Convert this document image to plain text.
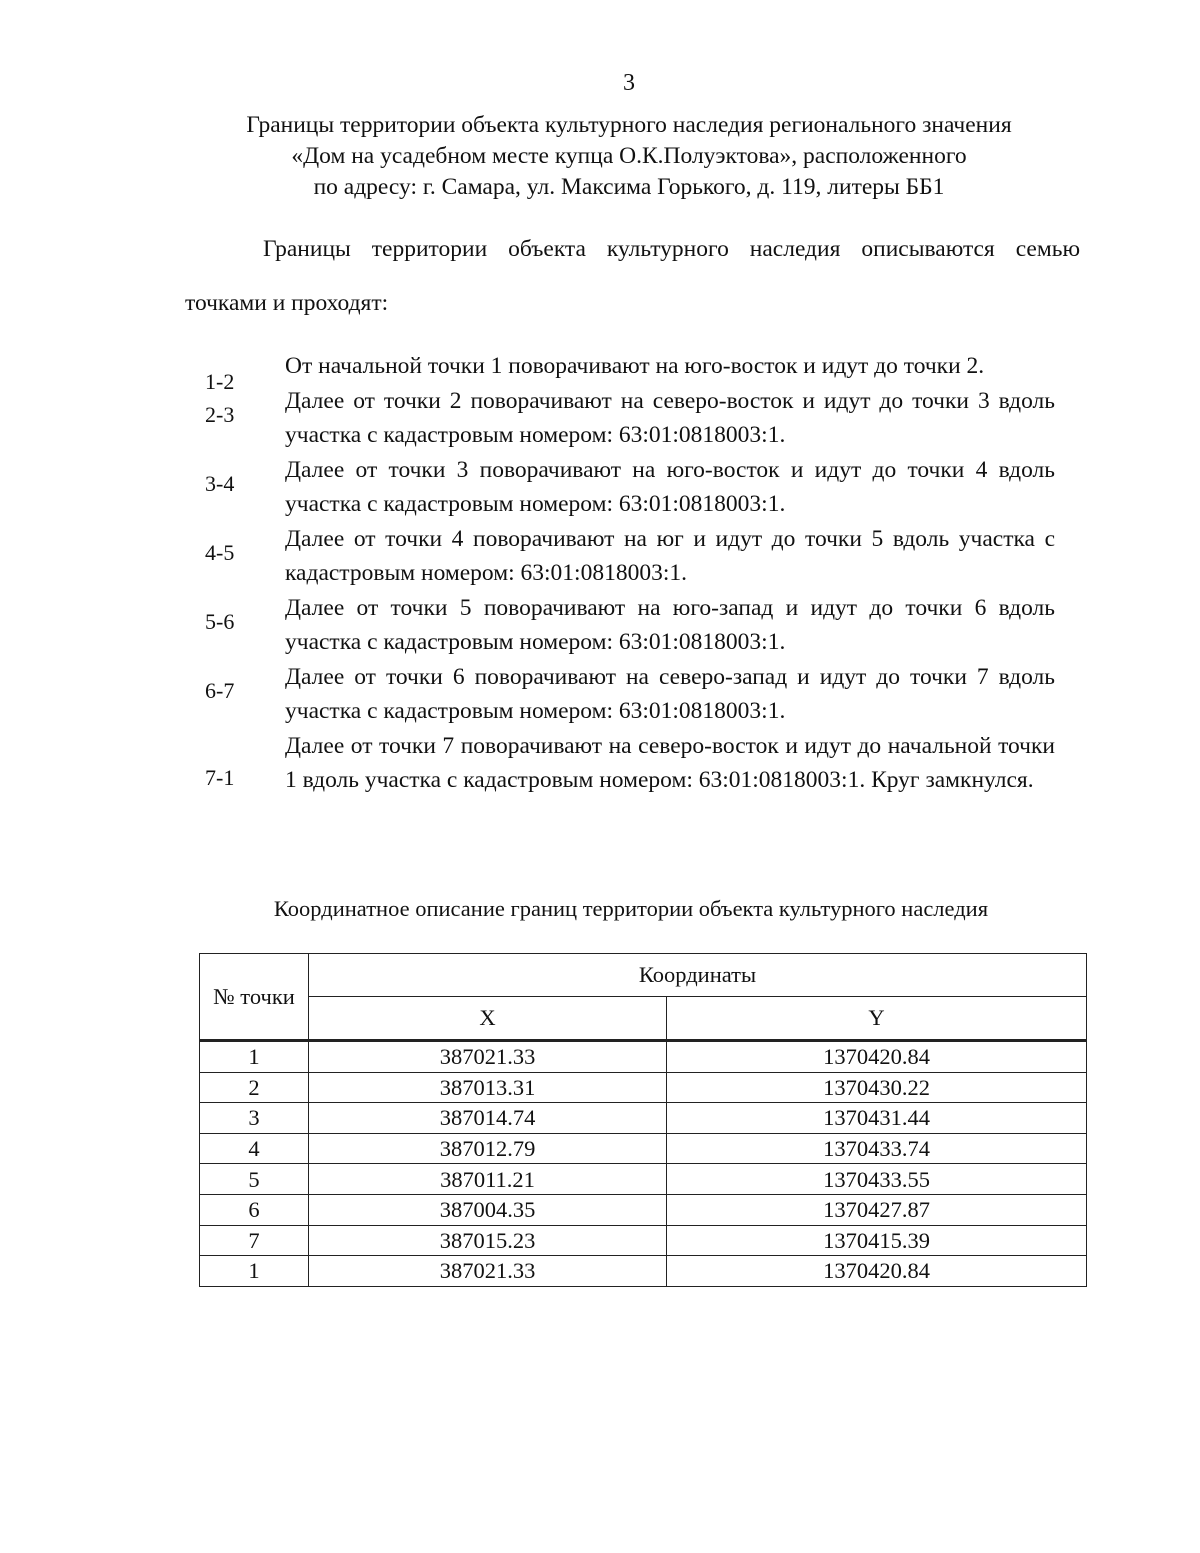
3
Границы территории объекта культурного наследия регионального значения
«Дом на усадебном месте купца О.К.Полуэктова», расположенного
по адресу: г. Самара, ул. Максима Горького, д. 119, литеры ББ1
Границы территории объекта культурного наследия описываются семью
точками и проходят:
1-2
От начальной точки 1 поворачивают на юго-восток и идут до точки 2.
2-3
Далее от точки 2 поворачивают на северо-восток и идут до точки 3 вдоль участка с кадастровым номером: 63:01:0818003:1.
3-4
Далее от точки 3 поворачивают на юго-восток и идут до точки 4 вдоль участка с кадастровым номером: 63:01:0818003:1.
4-5
Далее от точки 4 поворачивают на юг и идут до точки 5 вдоль участка с кадастровым номером: 63:01:0818003:1.
5-6
Далее от точки 5 поворачивают на юго-запад и идут до точки 6 вдоль участка с кадастровым номером: 63:01:0818003:1.
6-7
Далее от точки 6 поворачивают на северо-запад и идут до точки 7 вдоль участка с кадастровым номером: 63:01:0818003:1.
7-1
Далее от точки 7 поворачивают на северо-восток и идут до начальной точки 1 вдоль участка с кадастровым номером: 63:01:0818003:1. Круг замкнулся.
Координатное описание границ территории объекта культурного наследия
№ точки	Координаты	
	X	Y
1	387021.33	1370420.84
2	387013.31	1370430.22
3	387014.74	1370431.44
4	387012.79	1370433.74
5	387011.21	1370433.55
6	387004.35	1370427.87
7	387015.23	1370415.39
1	387021.33	1370420.84
